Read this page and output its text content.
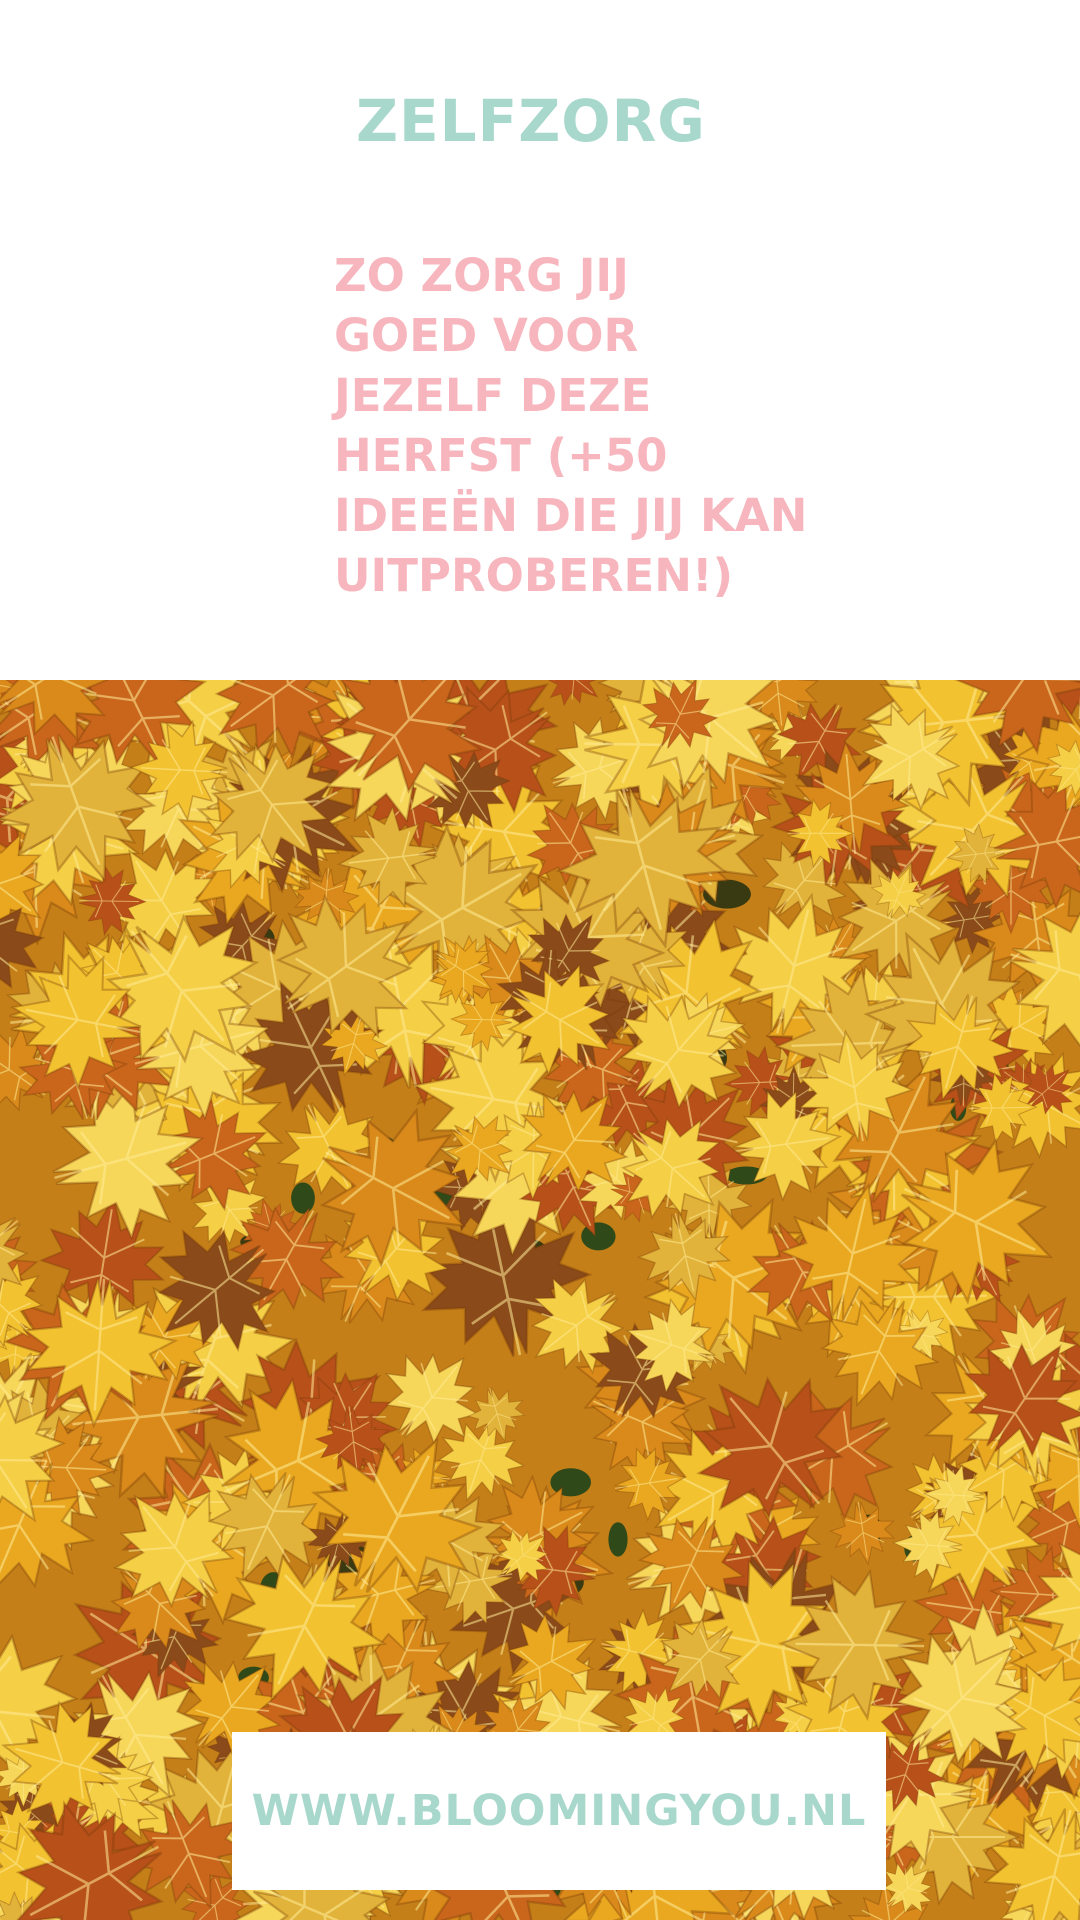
ZELFZORG
ZO ZORG JIJ
GOED VOOR
JEZELF DEZE
HERFST (+50
IDEEËN DIE JIJ KAN
UITPROBEREN!)
WWW.BLOOMINGYOU.NL
